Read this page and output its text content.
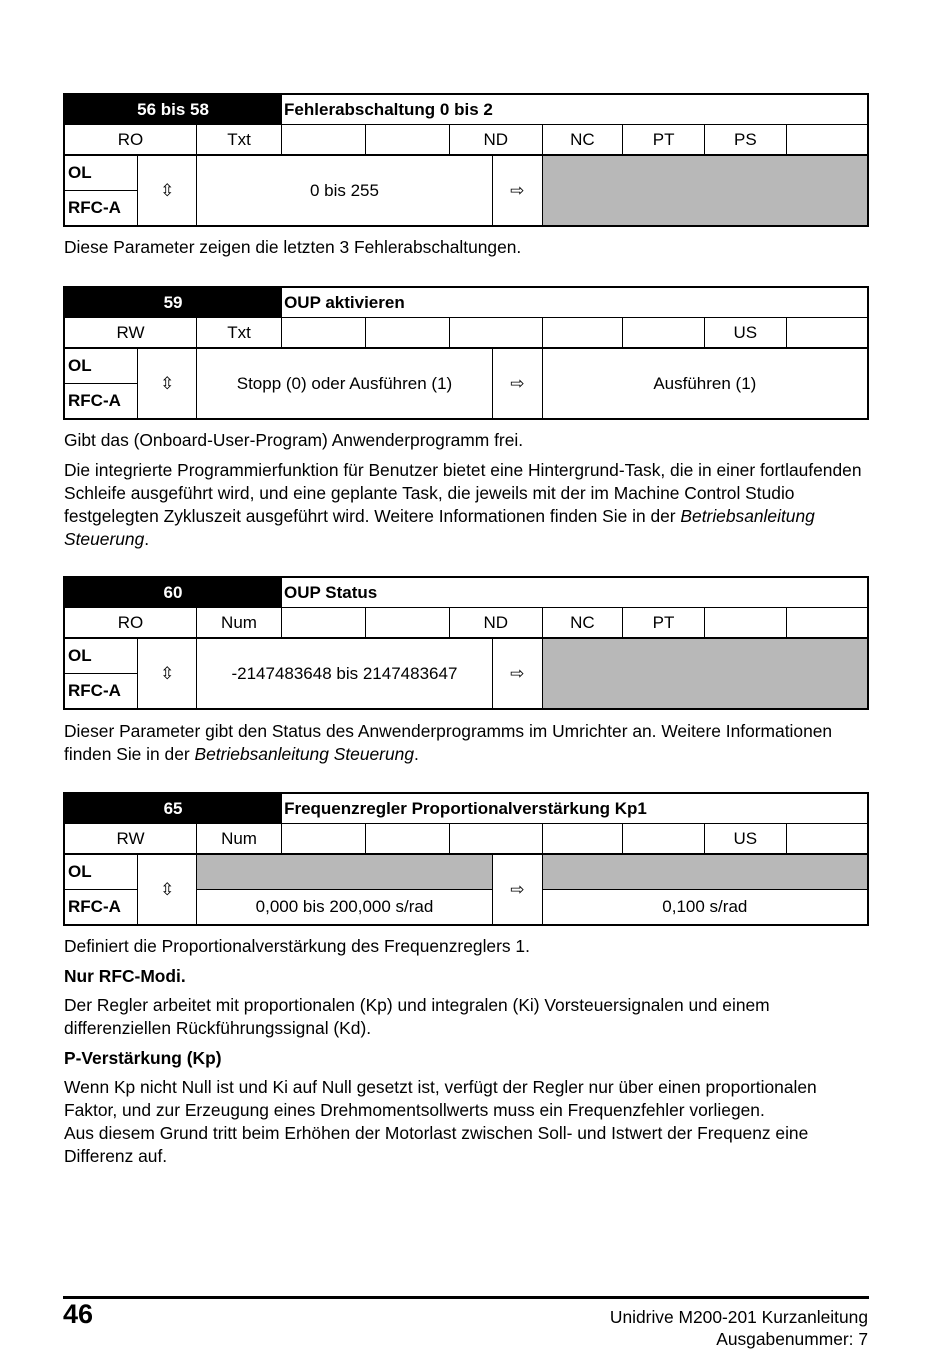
56 bis 58			Fehlerabschaltung 0 bis 2							
RO		Txt			ND		NC	PT	PS	
OL	⇳	0 bis 255				⇨				
RFC-A										

Diese Parameter zeigen die letzten 3 Fehlerabschaltungen.

59			OUP aktivieren							
RW		Txt							US	
OL	⇳	Stopp (0) oder Ausführen (1)				⇨	Ausführen (1)			
RFC-A										

Gibt das (Onboard-User-Program) Anwenderprogramm frei.

Die integrierte Programmierfunktion für Benutzer bietet eine Hintergrund-Task, die in einer fortlaufenden Schleife ausgeführt wird, und eine geplante Task, die jeweils mit der im Machine Control Studio festgelegten Zykluszeit ausgeführt wird. Weitere Informationen finden Sie in der Betriebsanleitung Steuerung.

60			OUP Status							
RO		Num			ND		NC	PT		
OL	⇳	-2147483648 bis 2147483647				⇨				
RFC-A										

Dieser Parameter gibt den Status des Anwenderprogramms im Umrichter an. Weitere Informationen finden Sie in der Betriebsanleitung Steuerung.

65			Frequenzregler Proportionalverstärkung Kp1							
RW		Num							US	
OL	⇳					⇨				
RFC-A		0,000 bis 200,000 s/rad					0,100 s/rad			

Definiert die Proportionalverstärkung des Frequenzreglers 1.

Nur RFC-Modi.

Der Regler arbeitet mit proportionalen (Kp) und integralen (Ki) Vorsteuersignalen und einem differenziellen Rückführungssignal (Kd).

P-Verstärkung (Kp)

Wenn Kp nicht Null ist und Ki auf Null gesetzt ist, verfügt der Regler nur über einen proportionalen Faktor, und zur Erzeugung eines Drehmomentsollwerts muss ein Frequenzfehler vorliegen.

Aus diesem Grund tritt beim Erhöhen der Motorlast zwischen Soll- und Istwert der Frequenz eine Differenz auf.

46	Unidrive M200-201 Kurzanleitung
Ausgabenummer: 7
